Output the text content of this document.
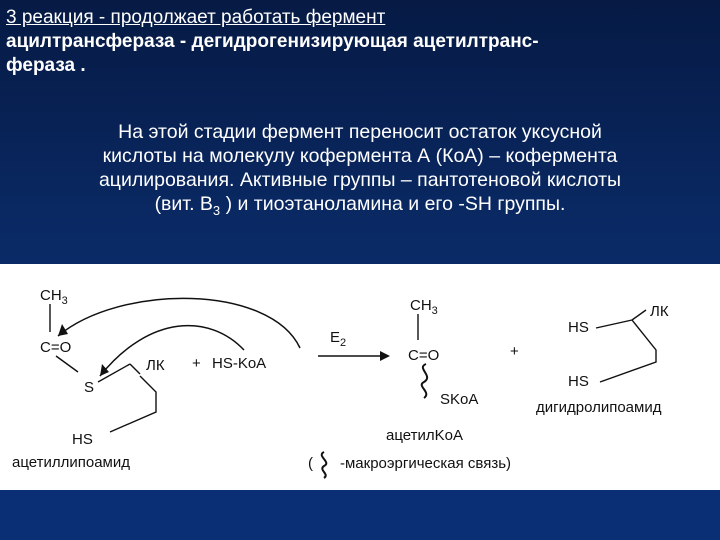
3 реакция - продолжает работать фермент
ацилтрансфераза - дегидрогенизирующая ацетилтранс-
фераза .
На этой стадии фермент переносит остаток уксусной
кислоты на молекулу кофермента А (КоА) – кофермента
ацилирования. Активные группы – пантотеновой кислоты
(вит. $В_3$ ) и тиоэтаноламина и его -SH группы.
$CH_3$
C=O
S
ЛК
HS
ацетиллипоамид
+ HS-KoA
$E_2$
$CH_3$
C=O
SKoA
ацетилKoA
+
HS
ЛК
HS
дигидролипоамид
( -макроэргическая связь)
